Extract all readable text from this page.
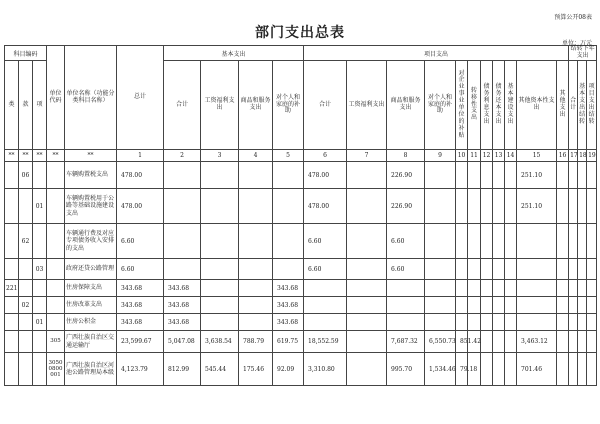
预算公开08表
部门支出总表
单位：万元
科目编码			单位代码	单位名称（功能分类科目名称）	总计	基本支出				项目支出											结转下年支出		
类	款	项				合计	工资福利支出	商品和服务支出	对个人和家庭的补助	合计	工资福利支出	商品和服务支出	对个人和家庭的补助	对企业事业单位的补贴	转移性支出	债务利息支出	债务还本支出	基本建设支出	其他资本性支出	其他支出	合计	基本支出结转	项目支出结转
**	**	**	**	**	1	2	3	4	5	6	7	8	9	10	11	12	13	14	15	16	17	18	19
	06			车辆购置税支出	478.00					478.00		226.90							251.10				
		01		车辆购置税用于公路等基础设施建设支出	478.00					478.00		226.90							251.10				
	62			车辆通行费及对应专项债务收入安排的支出	6.60					6.60		6.60											
		03		政府还贷公路管理	6.60					6.60		6.60											
221				住房保障支出	343.68	343.68			343.68														
	02			住房改革支出	343.68	343.68			343.68														
		01		住房公积金	343.68	343.68			343.68														
			305	广西壮族自治区交通运输厅	23,599.67	5,047.08	3,638.54	788.79	619.75	18,552.59		7,687.32	6,550.73	851.42					3,463.12				
			30500800001	广西壮族自治区河池公路管理局本级	4,123.79	812.99	545.44	175.46	92.09	3,310.80		995.70	1,534.46	79.18					701.46				
